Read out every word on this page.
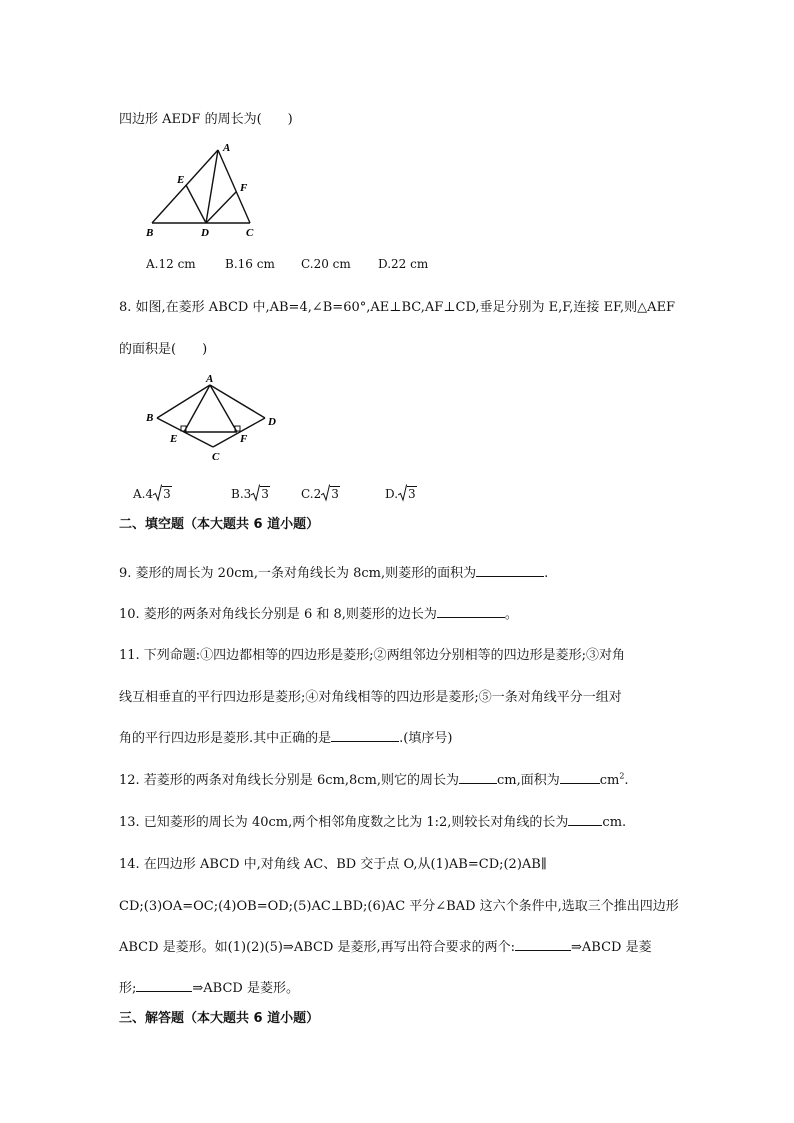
四边形 AEDF 的周长为(　　)
A
E
F
B	D	C
A.12 cm B.16 cm C.20 cm D.22 cm
8. 如图,在菱形 ABCD 中,AB=4,∠B=60°,AE⊥BC,AF⊥CD,垂足分别为 E,F,连接 EF,则△AEF
的面积是(　　)
A
B	D
E	F
C
A.4 3	B.3 3	C.2 3	D. 3
二、填空题（本大题共 6 道小题）
9. 菱形的周长为 20cm,一条对角线长为 8cm,则菱形的面积为	.
10. 菱形的两条对角线长分别是 6 和 8,则菱形的边长为	。
11. 下列命题:①四边都相等的四边形是菱形;②两组邻边分别相等的四边形是菱形;③对角
线互相垂直的平行四边形是菱形;④对角线相等的四边形是菱形;⑤一条对角线平分一组对
角的平行四边形是菱形.其中正确的是	.(填序号)
12. 若菱形的两条对角线长分别是 6cm,8cm,则它的周长为	cm,面积为	$cm^2$.
13. 已知菱形的周长为 40cm,两个相邻角度数之比为 1:2,则较长对角线的长为	cm.
14. 在四边形 ABCD 中,对角线 AC、BD 交于点 O,从(1)AB=CD;(2)AB∥
CD;(3)OA=OC;(4)OB=OD;(5)AC⊥BD;(6)AC 平分∠BAD 这六个条件中,选取三个推出四边形
ABCD 是菱形。如(1)(2)(5)⇒ABCD 是菱形,再写出符合要求的两个:	⇒ABCD 是菱
形;	⇒ABCD 是菱形。
三、解答题（本大题共 6 道小题）
